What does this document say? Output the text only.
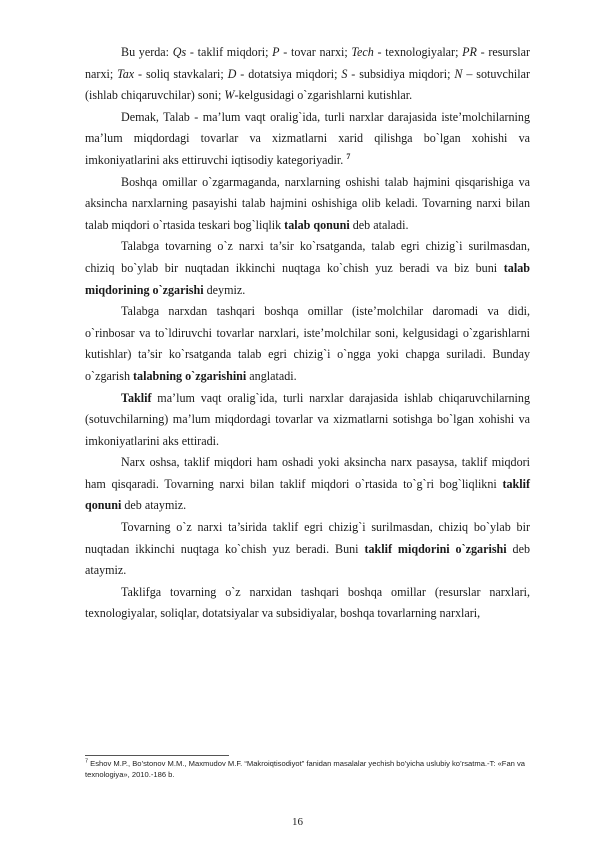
Bu yerda: Qs - taklif miqdori; P - tovar narxi; Tech - texnologiyalar; PR - resurslar narxi; Tax - soliq stavkalari; D - dotatsiya miqdori; S - subsidiya miqdori; N – sotuvchilar (ishlab chiqaruvchilar) soni; W-kelgusidagi o`zgarishlarni kutishlar.

Demak, Talab - ma’lum vaqt oralig`ida, turli narxlar darajasida iste’molchilarning ma’lum miqdordagi tovarlar va xizmatlarni xarid qilishga bo`lgan xohishi va imkoniyatlarini aks ettiruvchi iqtisodiy kategoriyadir. $^7$

Boshqa omillar o`zgarmaganda, narxlarning oshishi talab hajmini qisqarishiga va aksincha narxlarning pasayishi talab hajmini oshishiga olib keladi. Tovarning narxi bilan talab miqdori o`rtasida teskari bog`liqlik talab qonuni deb ataladi.

Talabga tovarning o`z narxi ta’sir ko`rsatganda, talab egri chizig`i surilmasdan, chiziq bo`ylab bir nuqtadan ikkinchi nuqtaga ko`chish yuz beradi va biz buni talab miqdorining o`zgarishi deymiz.

Talabga narxdan tashqari boshqa omillar (iste’molchilar daromadi va didi, o`rinbosar va to`ldiruvchi tovarlar narxlari, iste’molchilar soni, kelgusidagi o`zgarishlarni kutishlar) ta’sir ko`rsatganda talab egri chizig`i o`ngga yoki chapga suriladi. Bunday o`zgarish talabning o`zgarishini anglatadi.

Taklif ma’lum vaqt oralig`ida, turli narxlar darajasida ishlab chiqaruvchilarning (sotuvchilarning) ma’lum miqdordagi tovarlar va xizmatlarni sotishga bo`lgan xohishi va imkoniyatlarini aks ettiradi.

Narx oshsa, taklif miqdori ham oshadi yoki aksincha narx pasaysa, taklif miqdori ham qisqaradi. Tovarning narxi bilan taklif miqdori o`rtasida to`g`ri bog`liqlikni taklif qonuni deb ataymiz.

Tovarning o`z narxi ta’sirida taklif egri chizig`i surilmasdan, chiziq bo`ylab bir nuqtadan ikkinchi nuqtaga ko`chish yuz beradi. Buni taklif miqdorini o`zgarishi deb ataymiz.

Taklifga tovarning o`z narxidan tashqari boshqa omillar (resurslar narxlari, texnologiyalar, soliqlar, dotatsiyalar va subsidiyalar, boshqa tovarlarning narxlari,

$^7$ Eshov M.P., Bo’stonov M.M., Maxmudov M.F. “Makroiqtisodiyot” fanidan masalalar yechish bo’yicha uslubiy ko’rsatma.-T: «Fan va texnologiya», 2010.-186 b.
16
